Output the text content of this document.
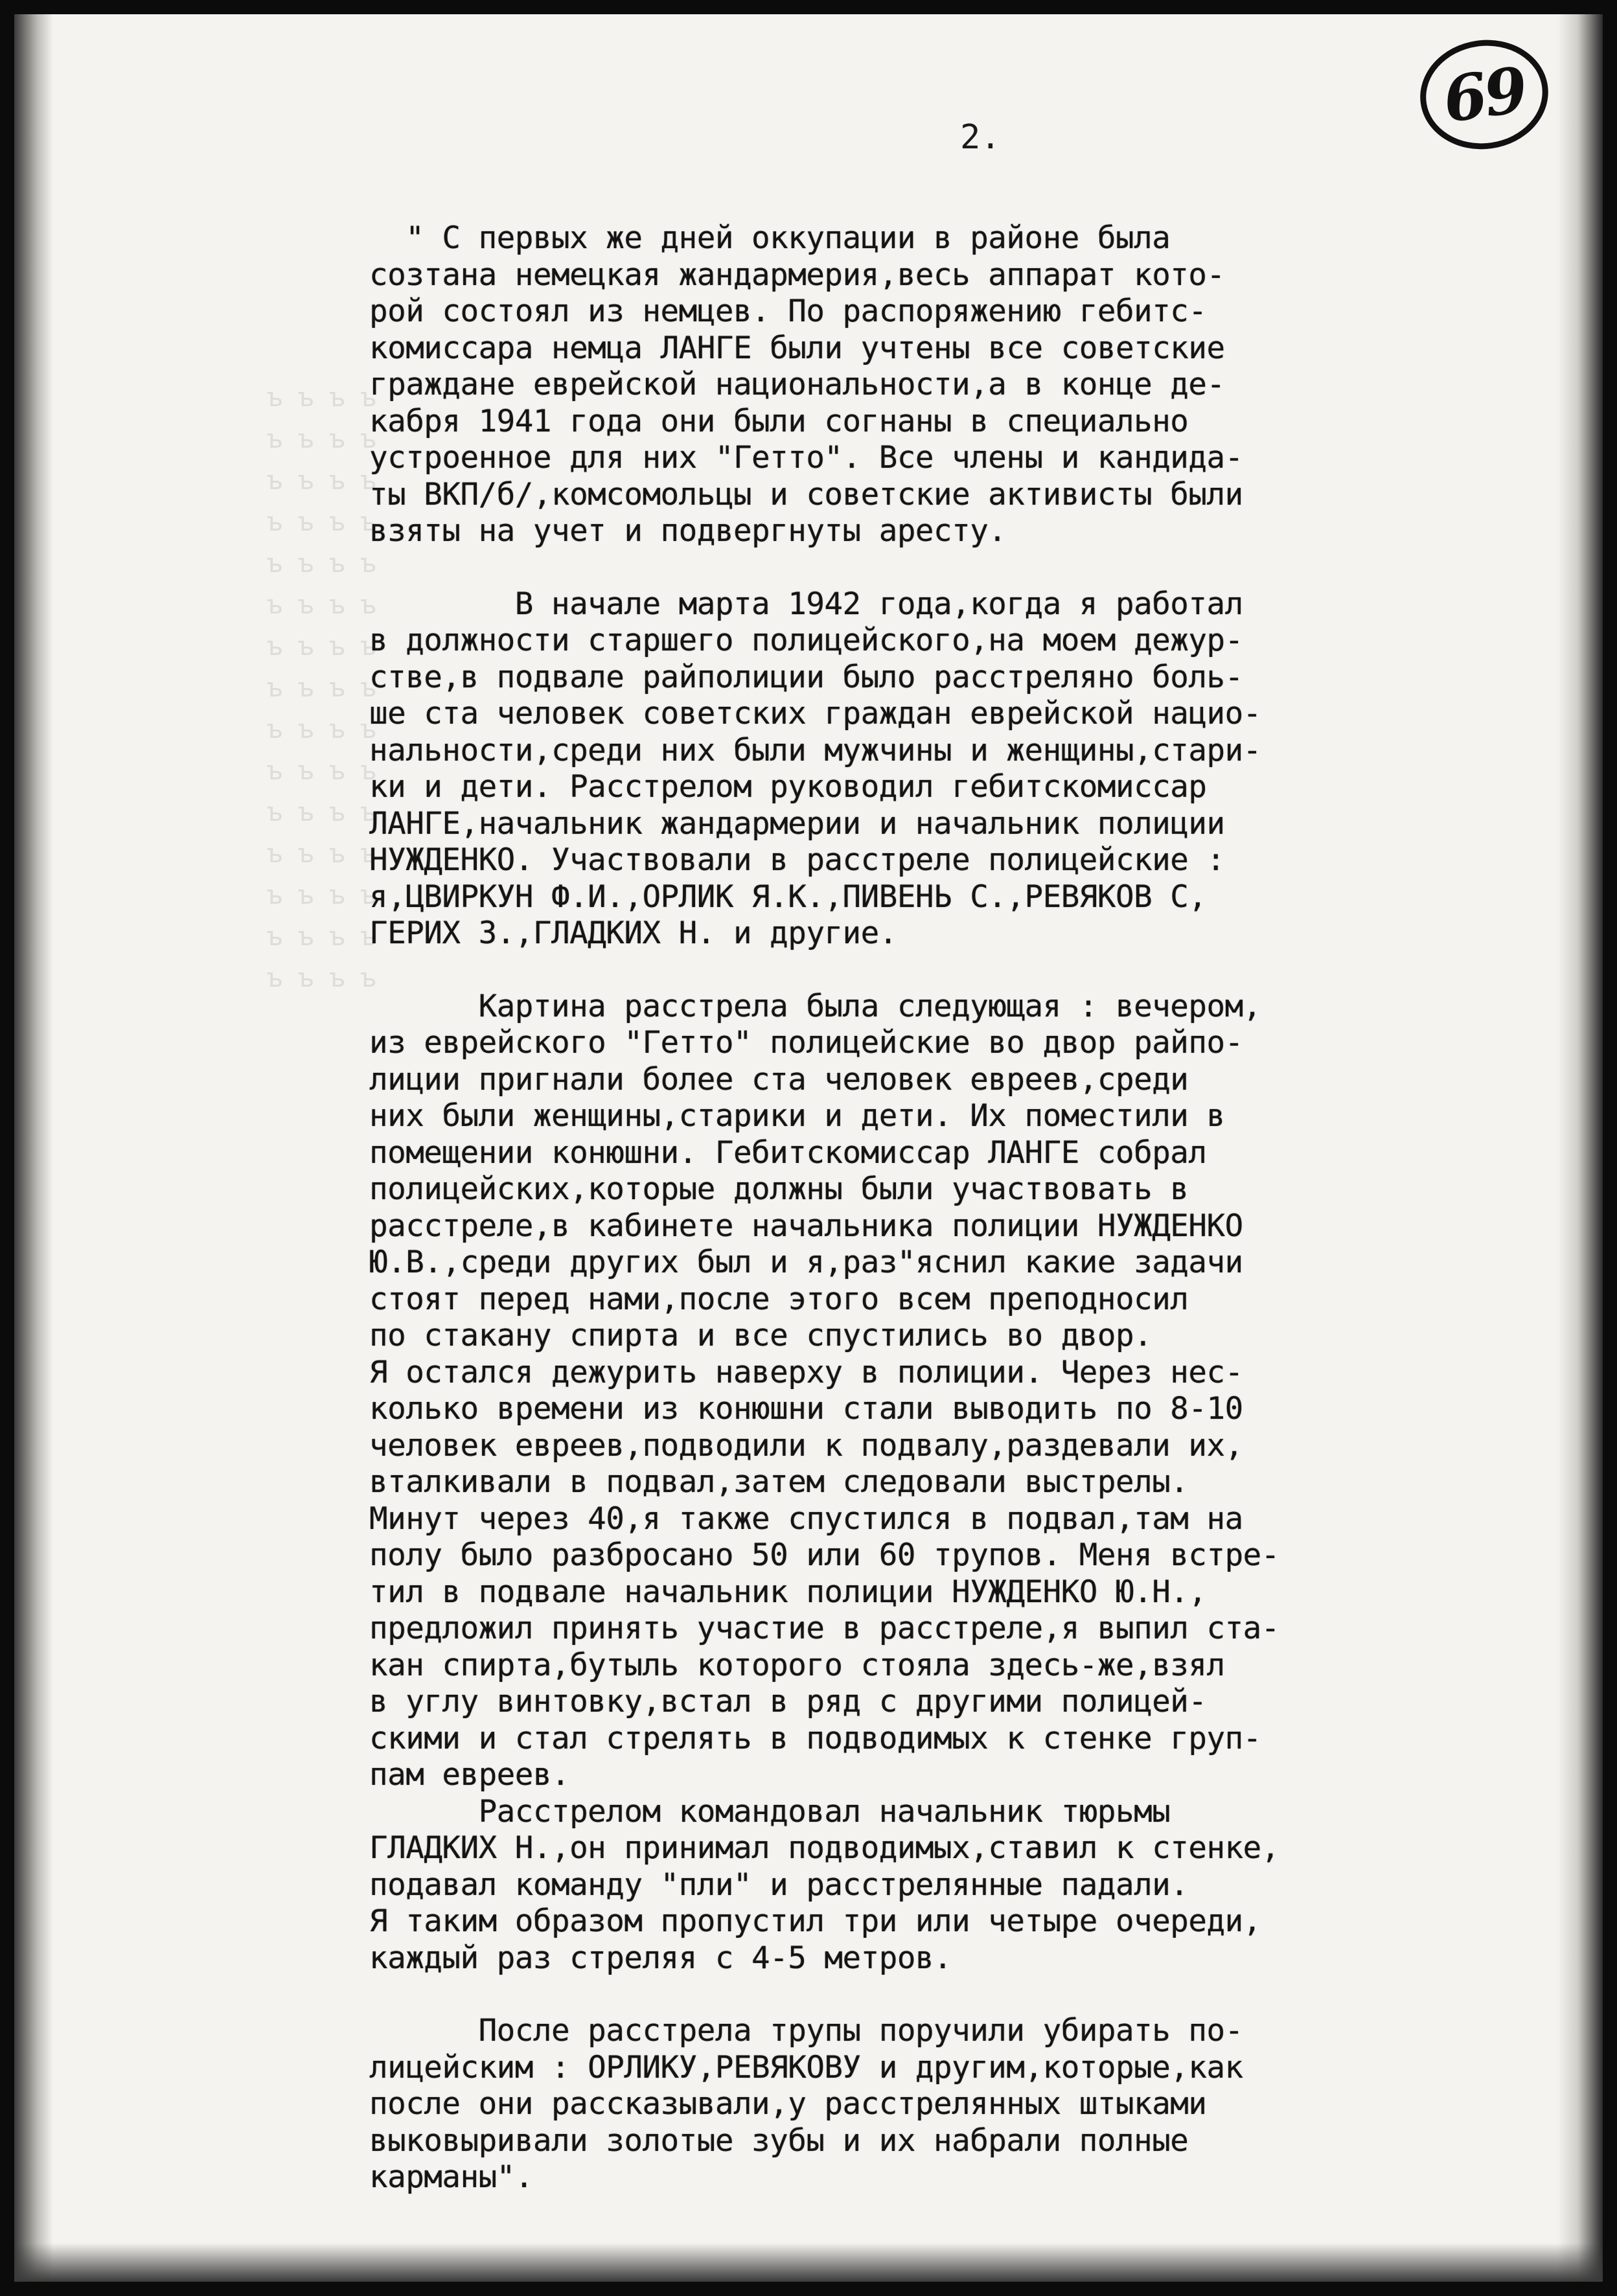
ъ ъ ъ ъ ъ ъ ъ ъ ъ ъ ъ ъ ъ ъ ъ ъ ъ ъ ъ ъ ъ ъ ъ ъ ъ ъ ъ ъ ъ ъ ъ ъ ъ ъ ъ ъ ъ ъ ъ ъ ъ ъ ъ ъ ъ ъ ъ ъ ъ ъ ъ ъ ъ ъ ъ ъ ъ ъ ъ ъ
69
2.
" С первых же дней оккупации в районе была
созтана немецкая жандармерия,весь аппарат кото-
рой состоял из немцев. По распоряжению гебитс-
комиссара немца ЛАНГЕ были учтены все советские
граждане еврейской национальности,а в конце де-
кабря 1941 года они были согнаны в специально
устроенное для них "Гетто". Все члены и кандида-
ты ВКП/б/,комсомольцы и советские активисты были
взяты на учет и подвергнуты аресту.
В начале марта 1942 года,когда я работал
в должности старшего полицейского,на моем дежур-
стве,в подвале райполиции было расстреляно боль-
ше ста человек советских граждан еврейской нацио-
нальности,среди них были мужчины и женщины,стари-
ки и дети. Расстрелом руководил гебитскомиссар
ЛАНГЕ,начальник жандармерии и начальник полиции
НУЖДЕНКО. Участвовали в расстреле полицейские :
я,ЦВИРКУН Ф.И.,ОРЛИК Я.К.,ПИВЕНЬ С.,РЕВЯКОВ С,
ГЕРИХ З.,ГЛАДКИХ Н. и другие.
Картина расстрела была следующая : вечером,
из еврейского "Гетто" полицейские во двор райпо-
лиции пригнали более ста человек евреев,среди
них были женщины,старики и дети. Их поместили в
помещении конюшни. Гебитскомиссар ЛАНГЕ собрал
полицейских,которые должны были участвовать в
расстреле,в кабинете начальника полиции НУЖДЕНКО
Ю.В.,среди других был и я,раз"яснил какие задачи
стоят перед нами,после этого всем преподносил
по стакану спирта и все спустились во двор.
Я остался дежурить наверху в полиции. Через нес-
колько времени из конюшни стали выводить по 8-10
человек евреев,подводили к подвалу,раздевали их,
вталкивали в подвал,затем следовали выстрелы.
Минут через 40,я также спустился в подвал,там на
полу было разбросано 50 или 60 трупов. Меня встре-
тил в подвале начальник полиции НУЖДЕНКО Ю.Н.,
предложил принять участие в расстреле,я выпил ста-
кан спирта,бутыль которого стояла здесь-же,взял
в углу винтовку,встал в ряд с другими полицей-
скими и стал стрелять в подводимых к стенке груп-
пам евреев.
Расстрелом командовал начальник тюрьмы
ГЛАДКИХ Н.,он принимал подводимых,ставил к стенке,
подавал команду "пли" и расстрелянные падали.
Я таким образом пропустил три или четыре очереди,
каждый раз стреляя с 4-5 метров.
После расстрела трупы поручили убирать по-
лицейским : ОРЛИКУ,РЕВЯКОВУ и другим,которые,как
после они рассказывали,у расстрелянных штыками
выковыривали золотые зубы и их набрали полные
карманы".
